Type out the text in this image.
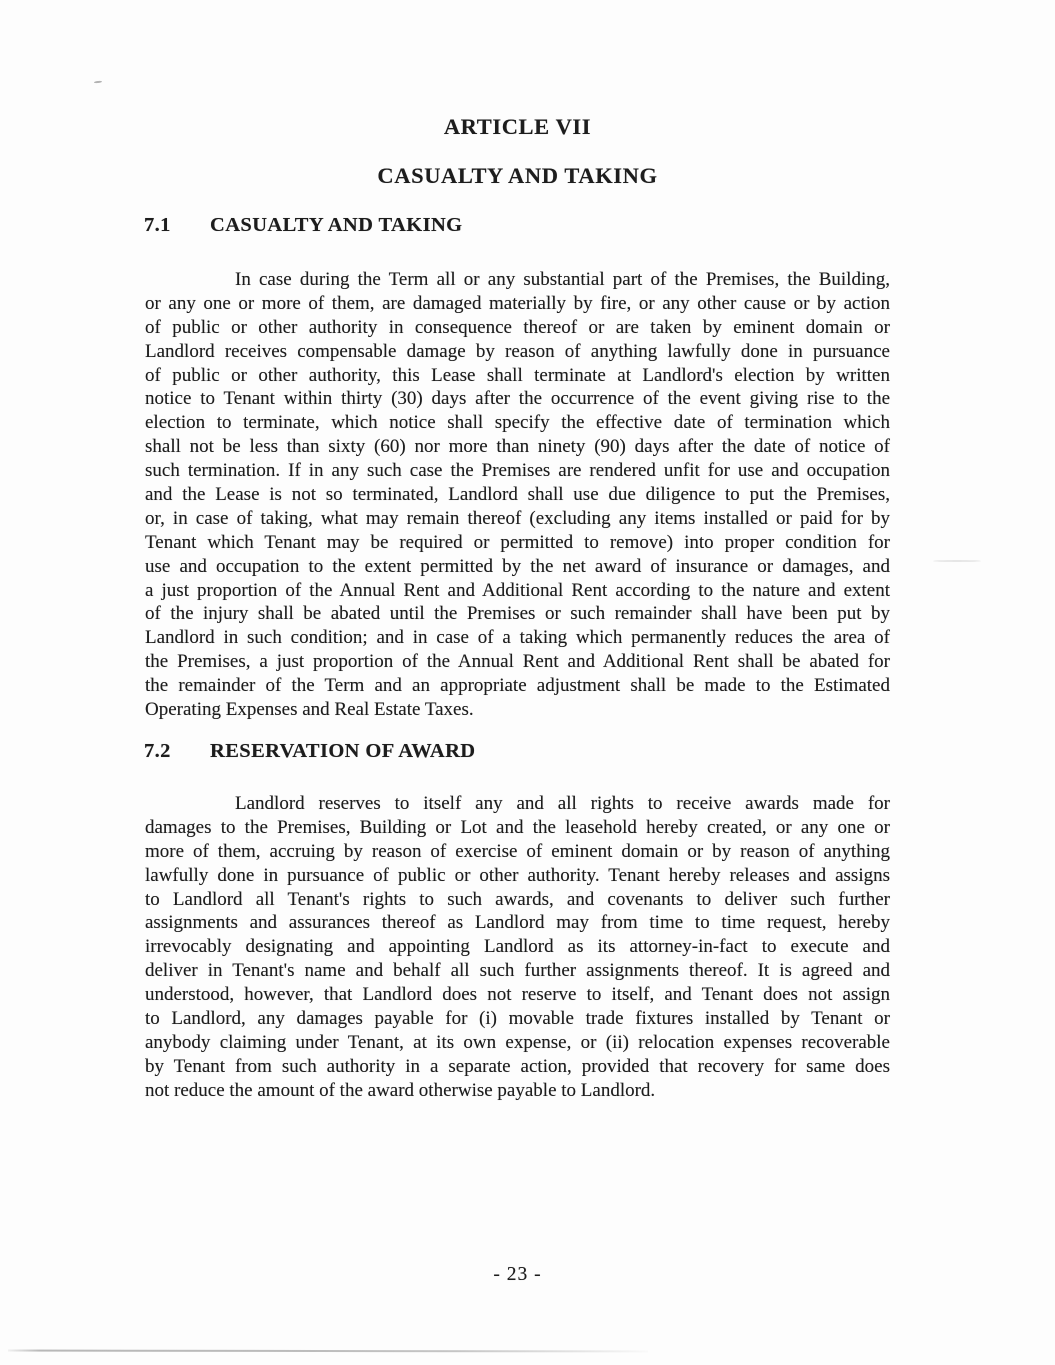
ARTICLE VII
CASUALTY AND TAKING
7.1 CASUALTY AND TAKING
In case during the Term all or any substantial part of the Premises, the Building,
or any one or more of them, are damaged materially by fire, or any other cause or by action
of public or other authority in consequence thereof or are taken by eminent domain or
Landlord receives compensable damage by reason of anything lawfully done in pursuance
of public or other authority, this Lease shall terminate at Landlord's election by written
notice to Tenant within thirty (30) days after the occurrence of the event giving rise to the
election to terminate, which notice shall specify the effective date of termination which
shall not be less than sixty (60) nor more than ninety (90) days after the date of notice of
such termination. If in any such case the Premises are rendered unfit for use and occupation
and the Lease is not so terminated, Landlord shall use due diligence to put the Premises,
or, in case of taking, what may remain thereof (excluding any items installed or paid for by
Tenant which Tenant may be required or permitted to remove) into proper condition for
use and occupation to the extent permitted by the net award of insurance or damages, and
a just proportion of the Annual Rent and Additional Rent according to the nature and extent
of the injury shall be abated until the Premises or such remainder shall have been put by
Landlord in such condition; and in case of a taking which permanently reduces the area of
the Premises, a just proportion of the Annual Rent and Additional Rent shall be abated for
the remainder of the Term and an appropriate adjustment shall be made to the Estimated
Operating Expenses and Real Estate Taxes.
7.2 RESERVATION OF AWARD
Landlord reserves to itself any and all rights to receive awards made for
damages to the Premises, Building or Lot and the leasehold hereby created, or any one or
more of them, accruing by reason of exercise of eminent domain or by reason of anything
lawfully done in pursuance of public or other authority. Tenant hereby releases and assigns
to Landlord all Tenant's rights to such awards, and covenants to deliver such further
assignments and assurances thereof as Landlord may from time to time request, hereby
irrevocably designating and appointing Landlord as its attorney-in-fact to execute and
deliver in Tenant's name and behalf all such further assignments thereof. It is agreed and
understood, however, that Landlord does not reserve to itself, and Tenant does not assign
to Landlord, any damages payable for (i) movable trade fixtures installed by Tenant or
anybody claiming under Tenant, at its own expense, or (ii) relocation expenses recoverable
by Tenant from such authority in a separate action, provided that recovery for same does
not reduce the amount of the award otherwise payable to Landlord.
- 23 -
